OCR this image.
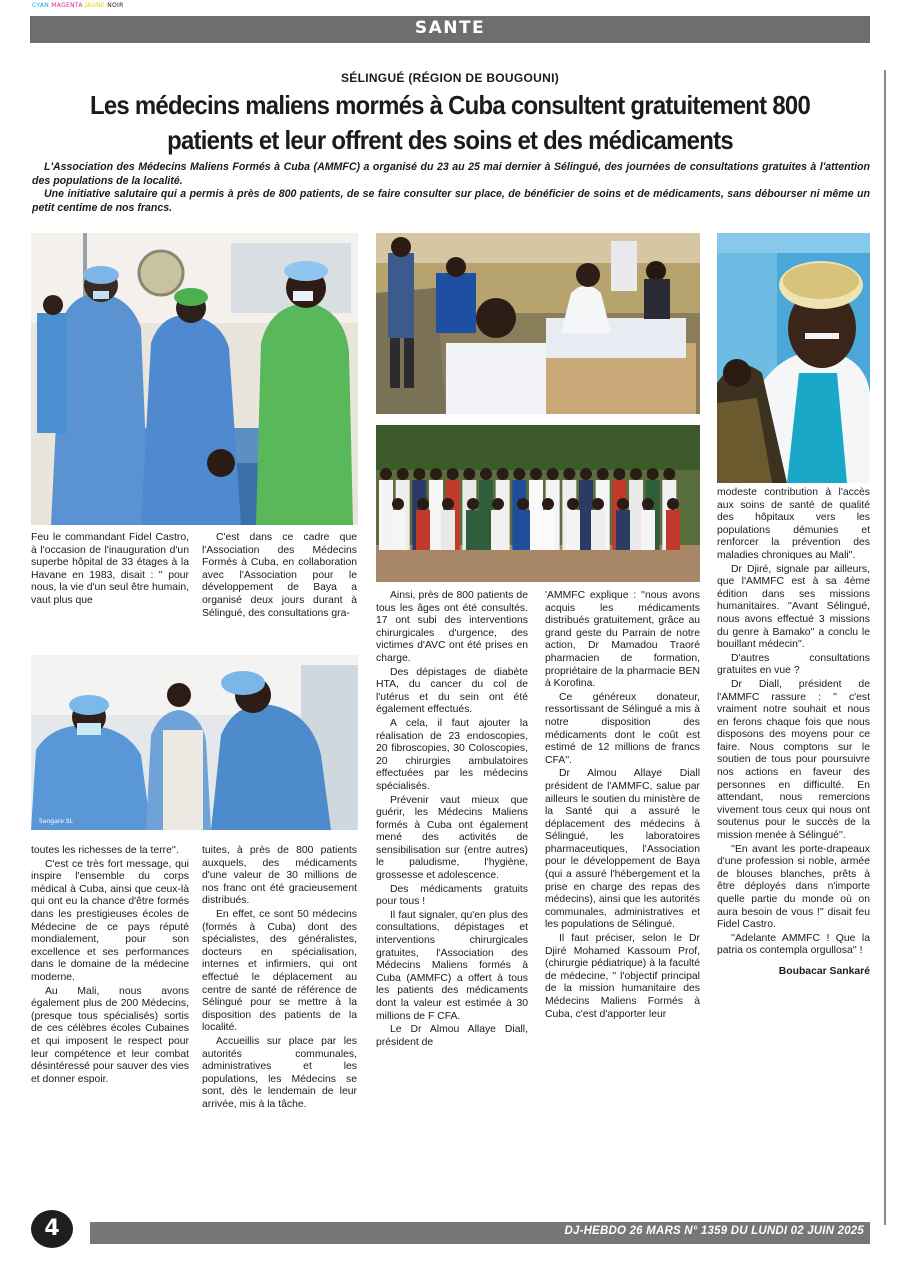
CYAN MAGENTA JAUNE NOIR
SANTE
SÉLINGUÉ (RÉGION DE BOUGOUNI)
Les médecins maliens mormés à Cuba consultent gratuitement 800 patients et leur offrent des soins et des médicaments

L'Association des Médecins Maliens Formés à Cuba (AMMFC) a organisé du 23 au 25 mai dernier à Sélingué, des journées de consultations gratuites à l'attention des populations de la localité.

Une initiative salutaire qui a permis à près de 800 patients, de se faire consulter sur place, de bénéficier de soins et de médicaments, sans débourser ni même un petit centime de nos francs.

Sangare SL

Feu le commandant Fidel Castro, à l'occasion de l'inauguration d'un superbe hôpital de 33 étages à la Havane en 1983, disait : '' pour nous, la vie d'un seul être humain, vaut plus que

C'est dans ce cadre que l'Association des Médecins Formés à Cuba, en collaboration avec l'Association pour le développement de Baya a organisé deux jours durant à Sélingué, des consultations gra-

toutes les richesses de la terre''.

C'est ce très fort message, qui inspire l'ensemble du corps médical à Cuba, ainsi que ceux-là qui ont eu la chance d'être formés dans les prestigieuses écoles de Médecine de ce pays réputé mondialement, pour son excellence et ses performances dans le domaine de la médecine moderne.

Au Mali, nous avons également plus de 200 Médecins, (presque tous spécialisés) sortis de ces célèbres écoles Cubaines et qui imposent le respect pour leur compétence et leur combat désintéressé pour sauver des vies et donner espoir.

tuites, à près de 800 patients auxquels, des médicaments d'une valeur de 30 millions de nos franc ont été gracieusement distribués.

En effet, ce sont 50 médecins (formés à Cuba) dont des spécialistes, des généralistes, docteurs en spécialisation, internes et infirmiers, qui ont effectué le déplacement au centre de santé de référence de Sélingué pour se mettre à la disposition des patients de la localité.

Accueillis sur place par les autorités communales, administratives et les populations, les Médecins se sont, dès le lendemain de leur arrivée, mis à la tâche.

Ainsi, près de 800 patients de tous les âges ont été consultés. 17 ont subi des interventions chirurgicales d'urgence, des victimes d'AVC ont été prises en charge.

Des dépistages de diabète HTA, du cancer du col de l'utérus et du sein ont été également effectués.

A cela, il faut ajouter la réalisation de 23 endoscopies, 20 fibroscopies, 30 Coloscopies, 20 chirurgies ambulatoires effectuées par les médecins spécialisés.

Prévenir vaut mieux que guérir, les Médecins Maliens formés à Cuba ont également mené des activités de sensibilisation sur (entre autres) le paludisme, l'hygiène, grossesse et adolescence.

Des médicaments gratuits pour tous !

Il faut signaler, qu'en plus des consultations, dépistages et interventions chirurgicales gratuites, l'Association des Médecins Maliens formés à Cuba (AMMFC) a offert à tous les patients des médicaments dont la valeur est estimée à 30 millions de F CFA.

Le Dr Almou Allaye Diall, président de

'AMMFC explique : ''nous avons acquis les médicaments distribués gratuitement, grâce au grand geste du Parrain de notre action, Dr Mamadou Traoré pharmacien de formation, propriétaire de la pharmacie BEN à Korofina.

Ce généreux donateur, ressortissant de Sélingué a mis à notre disposition des médicaments dont le coût est estimé de 12 millions de francs CFA''.

Dr Almou Allaye Diall président de l'AMMFC, salue par ailleurs le soutien du ministère de la Santé qui a assuré le déplacement des médecins à Sélingué, les laboratoires pharmaceutiques, l'Association pour le développement de Baya (qui a assuré l'hébergement et la prise en charge des repas des médecins), ainsi que les autorités communales, administratives et les populations de Sélingué.

Il faut préciser, selon le Dr Djiré Mohamed Kassoum Prof, (chirurgie pédiatrique) à la faculté de médecine, '' l'objectif principal de la mission humanitaire des Médecins Maliens Formés à Cuba, c'est d'apporter leur

modeste contribution à l'accès aux soins de santé de qualité des hôpitaux vers les populations démunies et renforcer la prévention des maladies chroniques au Mali''.

Dr Djiré, signale par ailleurs, que l'AMMFC est à sa 4ème édition dans ses missions humanitaires. ''Avant Sélingué, nous avons effectué 3 missions du genre à Bamako'' a conclu le bouillant médecin''.

D'autres consultations gratuites en vue ?

Dr Diall, président de l'AMMFC rassure : '' c'est vraiment notre souhait et nous en ferons chaque fois que nous disposons des moyens pour ce faire. Nous comptons sur le soutien de tous pour poursuivre nos actions en faveur des personnes en difficulté. En attendant, nous remercions vivement tous ceux qui nous ont soutenus pour le succès de la mission menée à Sélingué''.

''En avant les porte-drapeaux d'une profession si noble, armée de blouses blanches, prêts à être déployés dans n'importe quelle partie du monde où on aura besoin de vous !'' disait feu Fidel Castro.

''Adelante AMMFC ! Que la patria os contempla orgullosa'' !

Boubacar Sankaré

4	DJ-HEBDO 26 MARS N° 1359 DU LUNDI 02 JUIN 2025
